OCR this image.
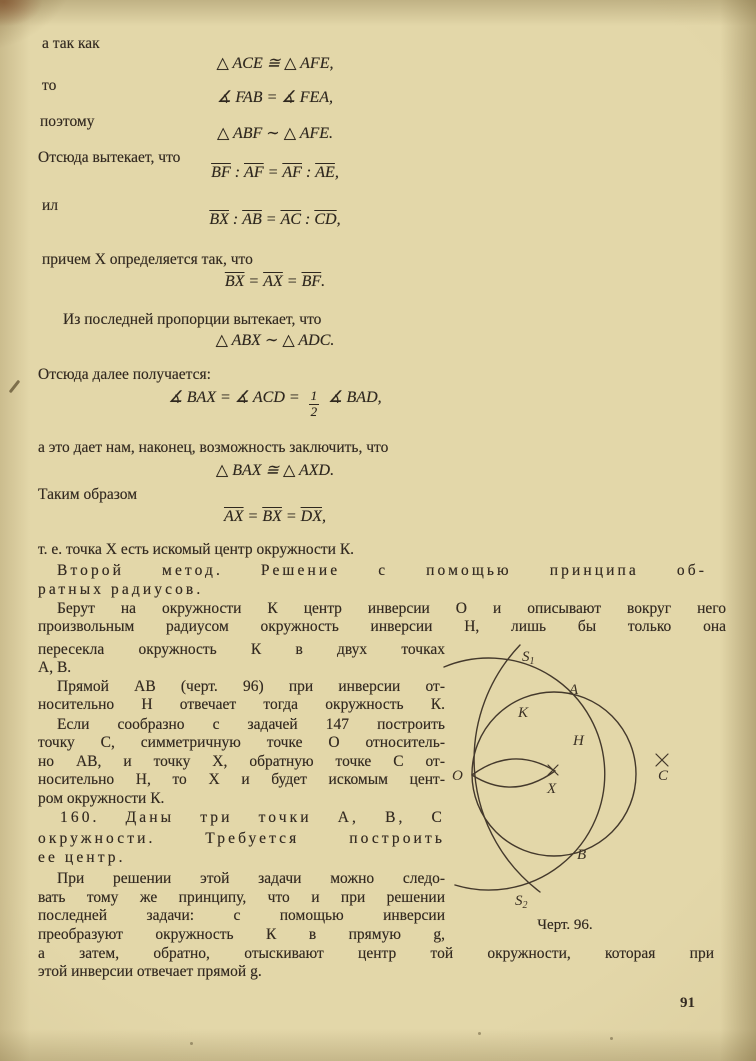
а так как
△ ACE ≅ △ AFE,
то
∡ FAB = ∡ FEA,
поэтому
△ ABF ∼ △ AFE.
Отсюда вытекает, что
$\overline{BF}$ : $\overline{AF} = \overline{AF}$ : $\overline{AE}$ ,
ил
$\overline{BX}$ : $\overline{AB} = \overline{AC}$ : $\overline{CD}$ ,
причем X определяется так, что
$\overline{BX} = \overline{AX} = \overline{BF}$ .
Из последней пропорции вытекает, что
△ ABX ∼ △ ADC.
Отсюда далее получается:
∡ BAX = ∡ ACD = $\frac{1}{2}$ ∡ BAD,
а это дает нам, наконец, возможность заключить, что
△ BAX ≅ △ AXD.
Таким образом
$\overline{AX} = \overline{BX} = \overline{DX}$ ,
т. е. точка X есть искомый центр окружности К.
Второй метод. Решение с помощью принципа об-
ратных радиусов.
Берут на окружности К центр инверсии О и описывают вокруг него
произвольным радиусом окружность инверсии Н, лишь бы только она
пересекла окружность К в двух точках
А, В.
Прямой АВ (черт. 96) при инверсии от-
носительно Н отвечает тогда окружность К.
Если сообразно с задачей 147 построить
точку С, симметричную точке О относитель-
но АВ, и точку X, обратную точке С от-
носительно Н, то X и будет искомым цент-
ром окружности К.
160. Даны три точки А, В, С
окружности. Требуется построить
ее центр.
При решении этой задачи можно следо-
вать тому же принципу, что и при решении
последней задачи: с помощью инверсии
преобразуют окружность К в прямую g,
а затем, обратно, отыскивают центр той окружности, которая при
этой инверсии отвечает прямой g.
$S_1$
A
К
H
O
X
B
$S_2$
C
Черт. 96.
91
